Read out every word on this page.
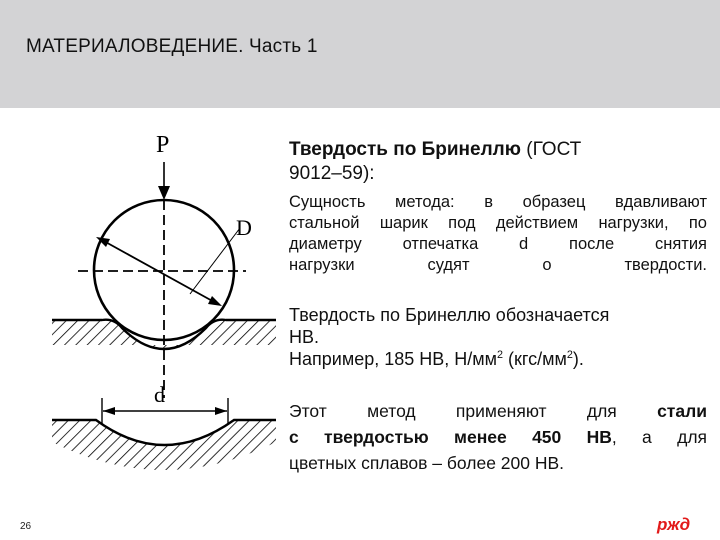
МАТЕРИАЛОВЕДЕНИЕ. Часть 1
P
D
d

Твердость по Бринеллю (ГОСТ
9012–59):

Сущность метода: в образец вдавливают

стальной шарик под действием нагрузки, по

диаметру отпечатка d после снятия

нагрузки судят о твердости.

Твердость по Бринеллю обозначается
HB.
Например, 185 HB, $Н/мм^2$ $(кгс/мм^2)$.
Этот метод применяют для стали
с твердостью менее 450 HB, а для
цветных сплавов – более 200 HB.
26	ржд
